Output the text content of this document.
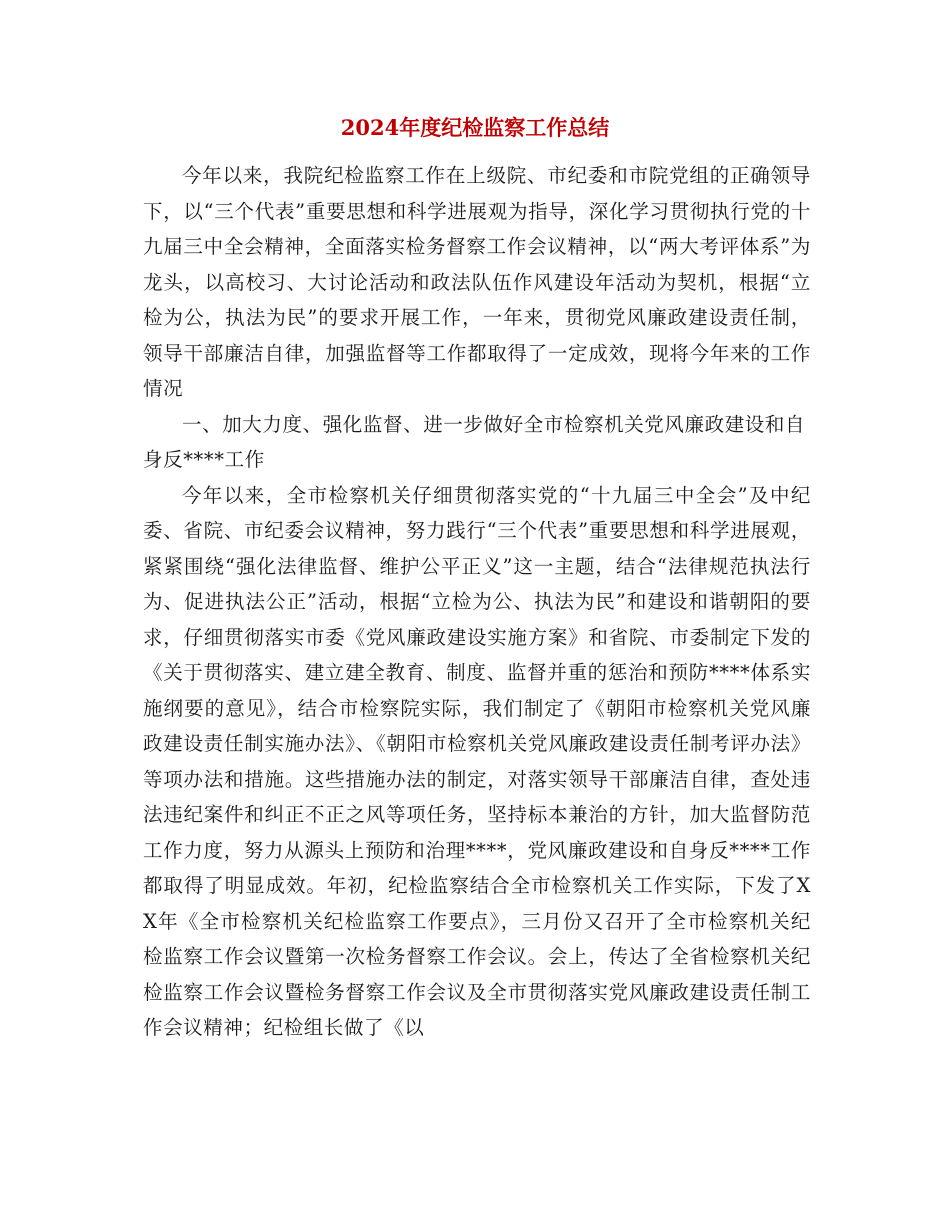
2024年度纪检监察工作总结

今年以来，我院纪检监察工作在上级院、市纪委和市院党组的正确领导下，以“三个代表”重要思想和科学进展观为指导，深化学习贯彻执行党的十九届三中全会精神，全面落实检务督察工作会议精神，以“两大考评体系”为龙头，以高校习、大讨论活动和政法队伍作风建设年活动为契机，根据“立检为公，执法为民”的要求开展工作，一年来，贯彻党风廉政建设责任制，领导干部廉洁自律，加强监督等工作都取得了一定成效，现将今年来的工作情况

一、加大力度、强化监督、进一步做好全市检察机关党风廉政建设和自身反****工作

今年以来，全市检察机关仔细贯彻落实党的“十九届三中全会”及中纪委、省院、市纪委会议精神，努力践行“三个代表”重要思想和科学进展观，紧紧围绕“强化法律监督、维护公平正义”这一主题，结合“法律规范执法行为、促进执法公正”活动，根据“立检为公、执法为民”和建设和谐朝阳的要求，仔细贯彻落实市委《党风廉政建设实施方案》和省院、市委制定下发的《关于贯彻落实、建立建全教育、制度、监督并重的惩治和预防****体系实施纲要的意见》，结合市检察院实际，我们制定了《朝阳市检察机关党风廉政建设责任制实施办法》、《朝阳市检察机关党风廉政建设责任制考评办法》等项办法和措施。这些措施办法的制定，对落实领导干部廉洁自律，查处违法违纪案件和纠正不正之风等项任务，坚持标本兼治的方针，加大监督防范工作力度，努力从源头上预防和治理****，党风廉政建设和自身反****工作都取得了明显成效。年初，纪检监察结合全市检察机关工作实际，下发了XX年《全市检察机关纪检监察工作要点》，三月份又召开了全市检察机关纪检监察工作会议暨第一次检务督察工作会议。会上，传达了全省检察机关纪检监察工作会议暨检务督察工作会议及全市贯彻落实党风廉政建设责任制工作会议精神；纪检组长做了《以
